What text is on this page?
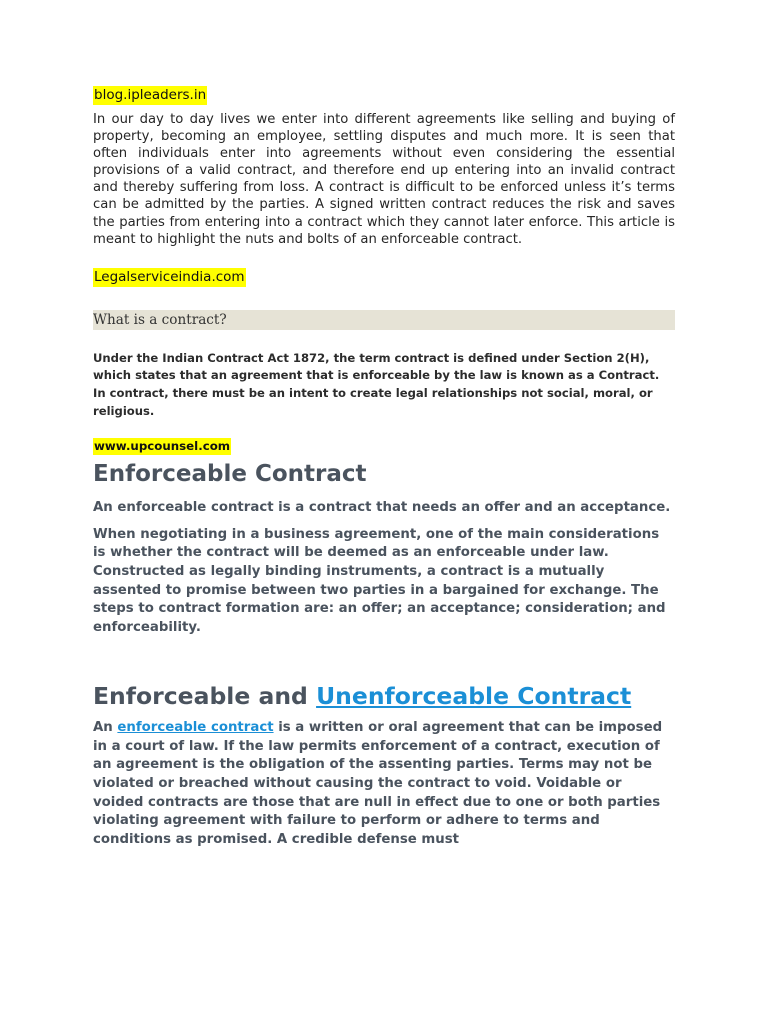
blog.ipleaders.in

In our day to day lives we enter into different agreements like selling and buying of property, becoming an employee, settling disputes and much more. It is seen that often individuals enter into agreements without even considering the essential provisions of a valid contract, and therefore end up entering into an invalid contract and thereby suffering from loss. A contract is difficult to be enforced unless it’s terms can be admitted by the parties. A signed written contract reduces the risk and saves the parties from entering into a contract which they cannot later enforce. This article is meant to highlight the nuts and bolts of an enforceable contract.

Legalserviceindia.com
What is a contract?
Under the Indian Contract Act 1872, the term contract is defined under Section 2(H), which states that an agreement that is enforceable by the law is known as a Contract. In contract, there must be an intent to create legal relationships not social, moral, or religious.
www.upcounsel.com
Enforceable Contract

An enforceable contract is a contract that needs an offer and an acceptance.

When negotiating in a business agreement, one of the main considerations is whether the contract will be deemed as an enforceable under law. Constructed as legally binding instruments, a contract is a mutually assented to promise between two parties in a bargained for exchange. The steps to contract formation are: an offer; an acceptance; consideration; and enforceability.

Enforceable and Unenforceable Contract

An enforceable contract is a written or oral agreement that can be imposed in a court of law. If the law permits enforcement of a contract, execution of an agreement is the obligation of the assenting parties. Terms may not be violated or breached without causing the contract to void. Voidable or voided contracts are those that are null in effect due to one or both parties violating agreement with failure to perform or adhere to terms and conditions as promised. A credible defense must
